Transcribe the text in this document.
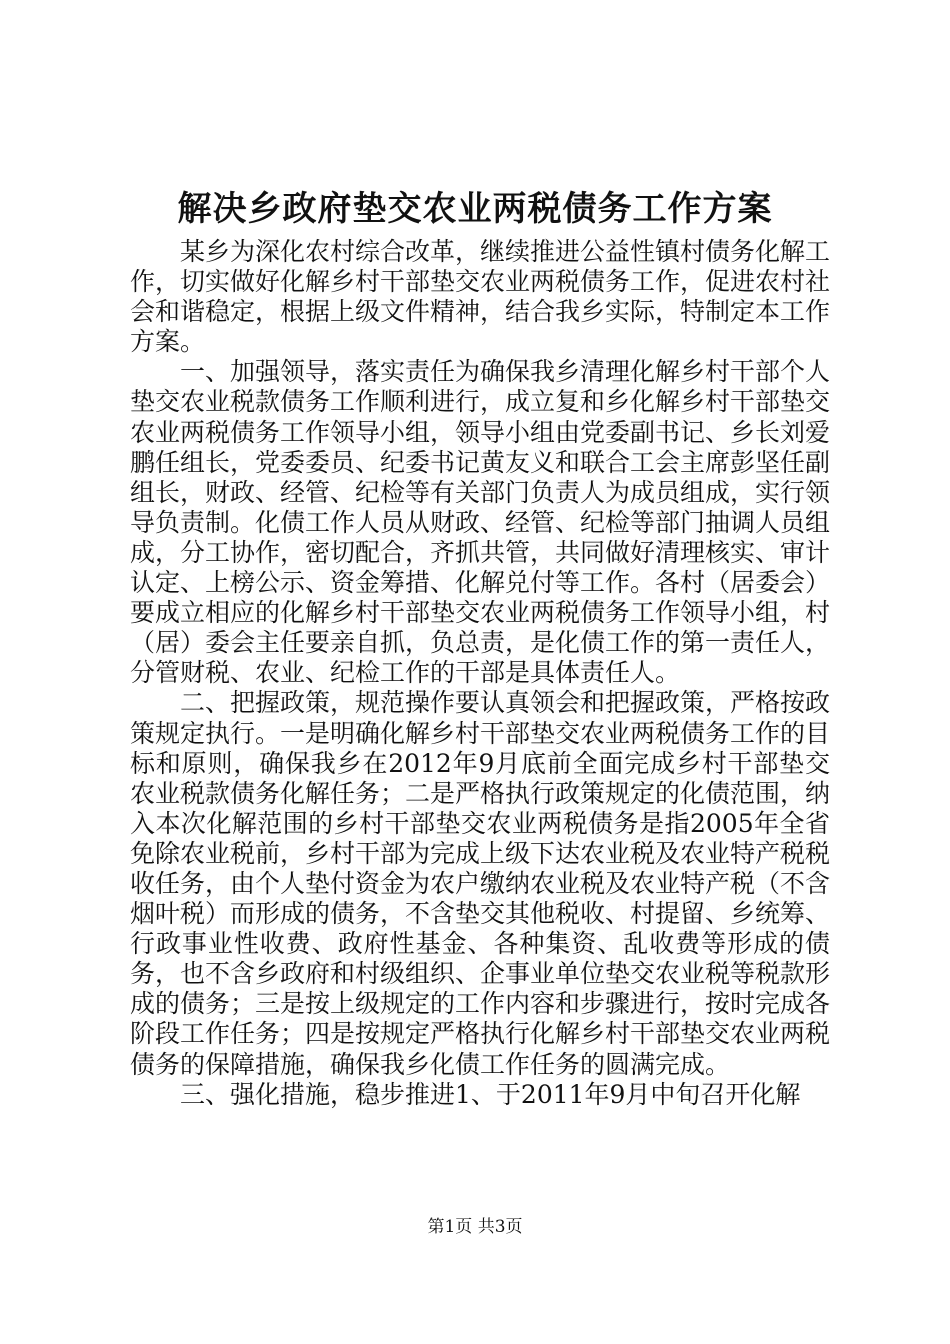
解决乡政府垫交农业两税债务工作方案

某乡为深化农村综合改革，继续推进公益性镇村债务化解工作，切实做好化解乡村干部垫交农业两税债务工作，促进农村社会和谐稳定，根据上级文件精神，结合我乡实际，特制定本工作方案。

一、加强领导，落实责任为确保我乡清理化解乡村干部个人垫交农业税款债务工作顺利进行，成立复和乡化解乡村干部垫交农业两税债务工作领导小组，领导小组由党委副书记、乡长刘爱鹏任组长，党委委员、纪委书记黄友义和联合工会主席彭坚任副组长，财政、经管、纪检等有关部门负责人为成员组成，实行领导负责制。化债工作人员从财政、经管、纪检等部门抽调人员组成，分工协作，密切配合，齐抓共管，共同做好清理核实、审计认定、上榜公示、资金筹措、化解兑付等工作。各村（居委会）要成立相应的化解乡村干部垫交农业两税债务工作领导小组，村（居）委会主任要亲自抓，负总责，是化债工作的第一责任人，分管财税、农业、纪检工作的干部是具体责任人。

二、把握政策，规范操作要认真领会和把握政策，严格按政策规定执行。一是明确化解乡村干部垫交农业两税债务工作的目标和原则，确保我乡在2012年9月底前全面完成乡村干部垫交农业税款债务化解任务；二是严格执行政策规定的化债范围，纳入本次化解范围的乡村干部垫交农业两税债务是指2005年全省免除农业税前，乡村干部为完成上级下达农业税及农业特产税税收任务，由个人垫付资金为农户缴纳农业税及农业特产税（不含烟叶税）而形成的债务，不含垫交其他税收、村提留、乡统筹、行政事业性收费、政府性基金、各种集资、乱收费等形成的债务，也不含乡政府和村级组织、企事业单位垫交农业税等税款形成的债务；三是按上级规定的工作内容和步骤进行，按时完成各阶段工作任务；四是按规定严格执行化解乡村干部垫交农业两税债务的保障措施，确保我乡化债工作任务的圆满完成。

三、强化措施，稳步推进1、于2011年9月中旬召开化解

第1页 共3页
